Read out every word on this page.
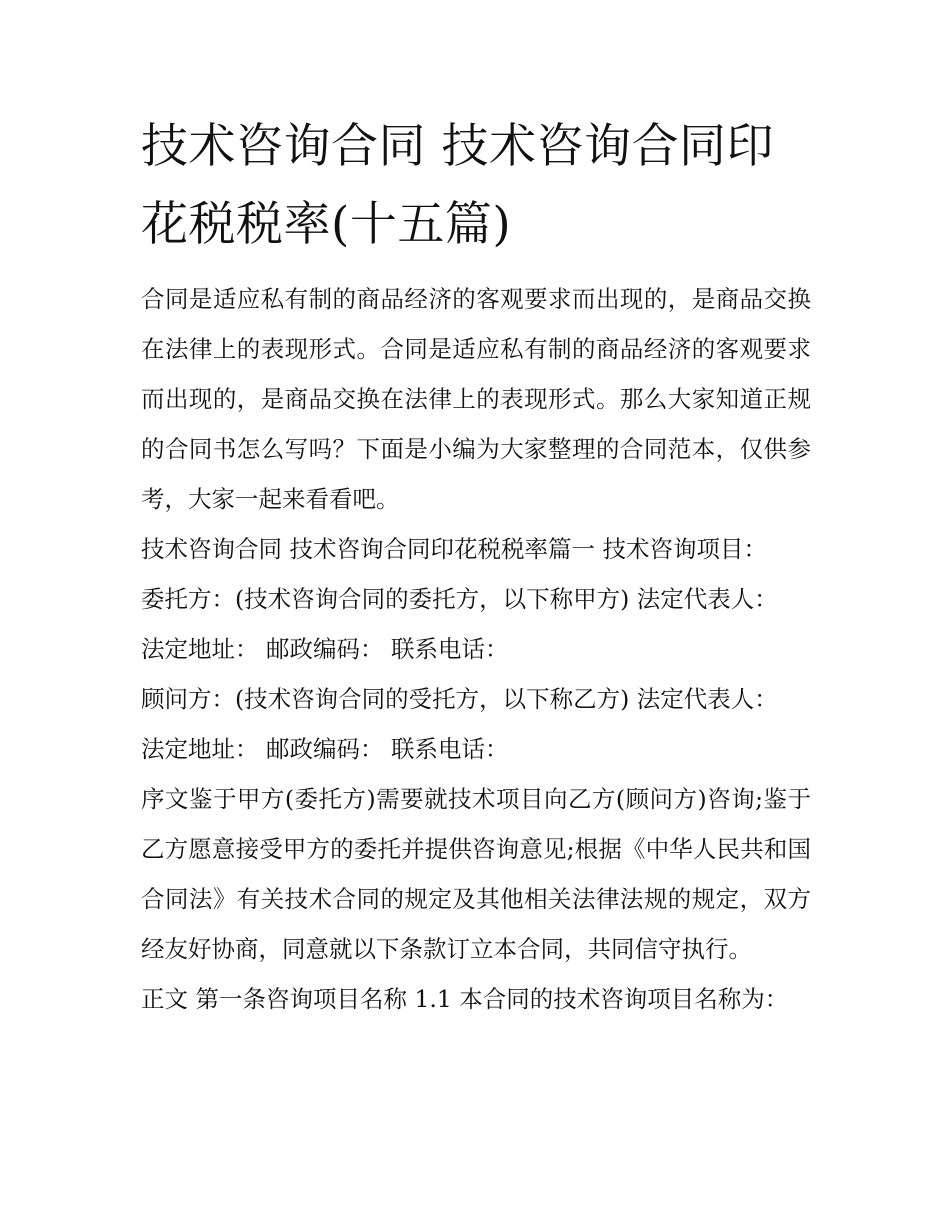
技术咨询合同 技术咨询合同印花税税率(十五篇)

合同是适应私有制的商品经济的客观要求而出现的，是商品交换在法律上的表现形式。合同是适应私有制的商品经济的客观要求而出现的，是商品交换在法律上的表现形式。那么大家知道正规的合同书怎么写吗？下面是小编为大家整理的合同范本，仅供参考，大家一起来看看吧。

技术咨询合同 技术咨询合同印花税税率篇一 技术咨询项目：

委托方：(技术咨询合同的委托方，以下称甲方) 法定代表人：

法定地址： 邮政编码： 联系电话：

顾问方：(技术咨询合同的受托方，以下称乙方) 法定代表人：

法定地址： 邮政编码： 联系电话：

序文鉴于甲方(委托方)需要就技术项目向乙方(顾问方)咨询;鉴于乙方愿意接受甲方的委托并提供咨询意见;根据《中华人民共和国合同法》有关技术合同的规定及其他相关法律法规的规定，双方经友好协商，同意就以下条款订立本合同，共同信守执行。

正文 第一条咨询项目名称 1.1 本合同的技术咨询项目名称为：
